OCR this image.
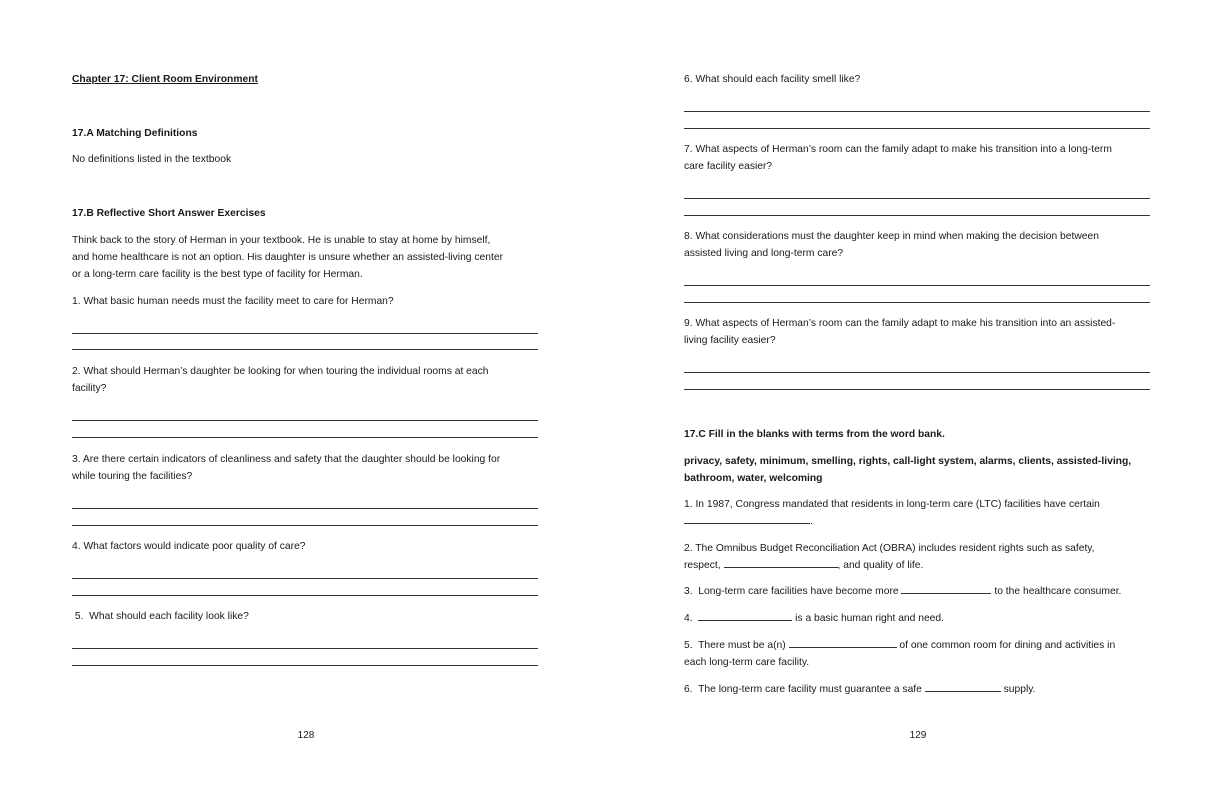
Chapter 17: Client Room Environment
17.A Matching Definitions
No definitions listed in the textbook
17.B Reflective Short Answer Exercises
Think back to the story of Herman in your textbook. He is unable to stay at home by himself,
and home healthcare is not an option. His daughter is unsure whether an assisted-living center
or a long-term care facility is the best type of facility for Herman.
1. What basic human needs must the facility meet to care for Herman?
2. What should Herman’s daughter be looking for when touring the individual rooms at each
facility?
3. Are there certain indicators of cleanliness and safety that the daughter should be looking for
while touring the facilities?
4. What factors would indicate poor quality of care?
5.  What should each facility look like?
128
6. What should each facility smell like?
7. What aspects of Herman’s room can the family adapt to make his transition into a long-term
care facility easier?
8. What considerations must the daughter keep in mind when making the decision between
assisted living and long-term care?
9. What aspects of Herman’s room can the family adapt to make his transition into an assisted-
living facility easier?
17.C Fill in the blanks with terms from the word bank.
privacy, safety, minimum, smelling, rights, call-light system, alarms, clients, assisted-living,
bathroom, water, welcoming
1. In 1987, Congress mandated that residents in long-term care (LTC) facilities have certain
.
2. The Omnibus Budget Reconciliation Act (OBRA) includes resident rights such as safety,
respect,	, and quality of life.
3.  Long-term care facilities have become more	to the healthcare consumer.
4.	is a basic human right and need.
5.  There must be a(n)	of one common room for dining and activities in
each long-term care facility.
6.  The long-term care facility must guarantee a safe	supply.
129
